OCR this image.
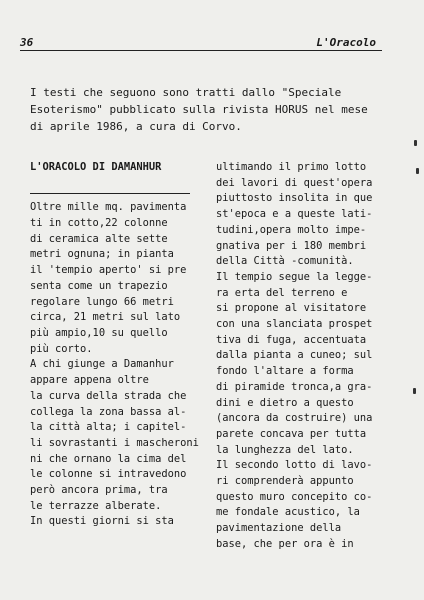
36	L'Oracolo
I testi che seguono sono tratti dallo "Speciale
Esoterismo" pubblicato sulla rivista HORUS nel mese
di aprile 1986, a cura di Corvo.
L'ORACOLO DI DAMANHUR
Oltre mille mq. pavimenta
ti in cotto,22 colonne
di ceramica alte sette
metri ognuna; in pianta
il 'tempio aperto' si pre
senta come un trapezio
regolare lungo 66 metri
circa, 21 metri sul lato
più ampio,10 su quello
più corto.
A chi giunge a Damanhur
appare appena oltre
la curva della strada che
collega la zona bassa al-
la città alta; i capitel-
li sovrastanti i mascheroni
ni che ornano la cima del
le colonne si intravedono
però ancora prima, tra
le terrazze alberate.
In questi giorni si sta
ultimando il primo lotto
dei lavori di quest'opera
piuttosto insolita in que
st'epoca e a queste lati-
tudini,opera molto impe-
gnativa per i 180 membri
della Città -comunità.
Il tempio segue la legge-
ra erta del terreno e
si propone al visitatore
con una slanciata prospet
tiva di fuga, accentuata
dalla pianta a cuneo; sul
fondo l'altare a forma
di piramide tronca,a gra-
dini e dietro a questo
(ancora da costruire) una
parete concava per tutta
la lunghezza del lato.
Il secondo lotto di lavo-
ri comprenderà appunto
questo muro concepito co-
me fondale acustico, la
pavimentazione della
base, che per ora è in
